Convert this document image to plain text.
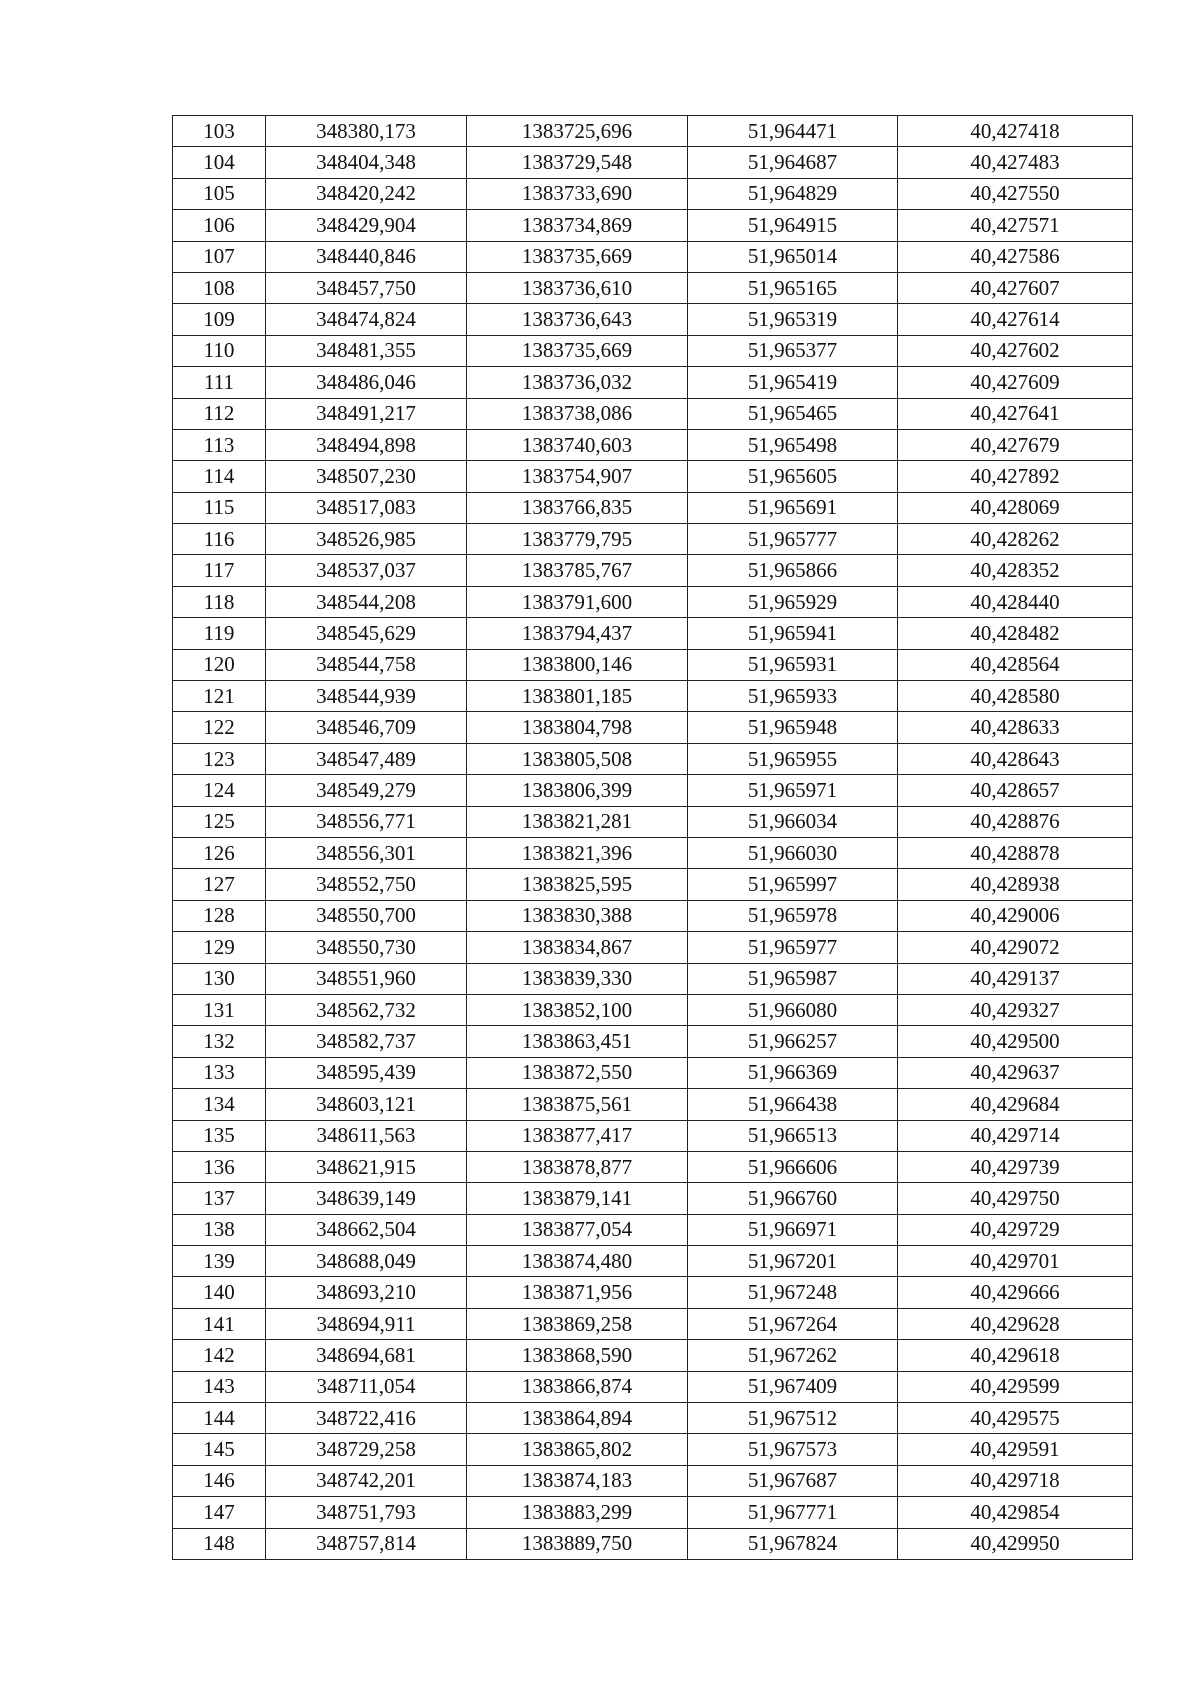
103	348380,173	1383725,696	51,964471	40,427418
104	348404,348	1383729,548	51,964687	40,427483
105	348420,242	1383733,690	51,964829	40,427550
106	348429,904	1383734,869	51,964915	40,427571
107	348440,846	1383735,669	51,965014	40,427586
108	348457,750	1383736,610	51,965165	40,427607
109	348474,824	1383736,643	51,965319	40,427614
110	348481,355	1383735,669	51,965377	40,427602
111	348486,046	1383736,032	51,965419	40,427609
112	348491,217	1383738,086	51,965465	40,427641
113	348494,898	1383740,603	51,965498	40,427679
114	348507,230	1383754,907	51,965605	40,427892
115	348517,083	1383766,835	51,965691	40,428069
116	348526,985	1383779,795	51,965777	40,428262
117	348537,037	1383785,767	51,965866	40,428352
118	348544,208	1383791,600	51,965929	40,428440
119	348545,629	1383794,437	51,965941	40,428482
120	348544,758	1383800,146	51,965931	40,428564
121	348544,939	1383801,185	51,965933	40,428580
122	348546,709	1383804,798	51,965948	40,428633
123	348547,489	1383805,508	51,965955	40,428643
124	348549,279	1383806,399	51,965971	40,428657
125	348556,771	1383821,281	51,966034	40,428876
126	348556,301	1383821,396	51,966030	40,428878
127	348552,750	1383825,595	51,965997	40,428938
128	348550,700	1383830,388	51,965978	40,429006
129	348550,730	1383834,867	51,965977	40,429072
130	348551,960	1383839,330	51,965987	40,429137
131	348562,732	1383852,100	51,966080	40,429327
132	348582,737	1383863,451	51,966257	40,429500
133	348595,439	1383872,550	51,966369	40,429637
134	348603,121	1383875,561	51,966438	40,429684
135	348611,563	1383877,417	51,966513	40,429714
136	348621,915	1383878,877	51,966606	40,429739
137	348639,149	1383879,141	51,966760	40,429750
138	348662,504	1383877,054	51,966971	40,429729
139	348688,049	1383874,480	51,967201	40,429701
140	348693,210	1383871,956	51,967248	40,429666
141	348694,911	1383869,258	51,967264	40,429628
142	348694,681	1383868,590	51,967262	40,429618
143	348711,054	1383866,874	51,967409	40,429599
144	348722,416	1383864,894	51,967512	40,429575
145	348729,258	1383865,802	51,967573	40,429591
146	348742,201	1383874,183	51,967687	40,429718
147	348751,793	1383883,299	51,967771	40,429854
148	348757,814	1383889,750	51,967824	40,429950
